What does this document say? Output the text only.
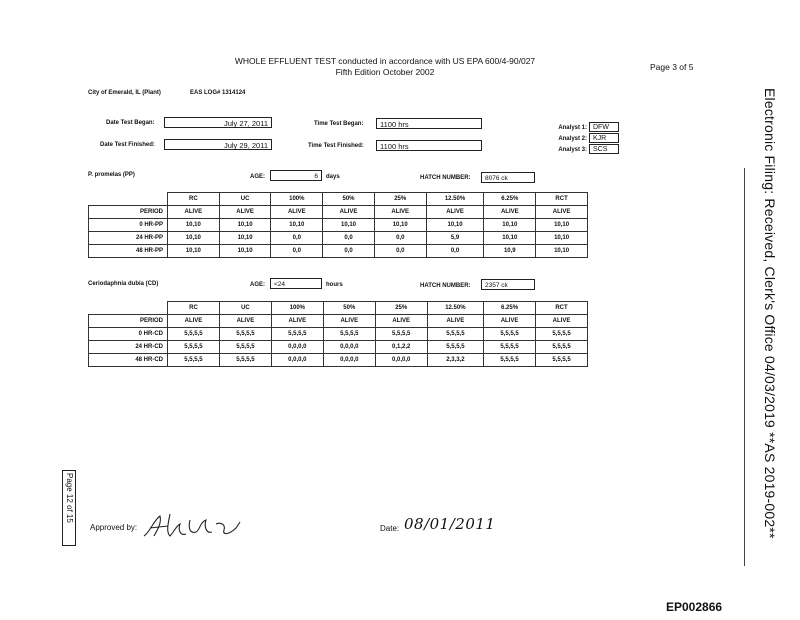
WHOLE EFFLUENT TEST conducted in accordance with US EPA 600/4-90/027
Fifth Edition October 2002	Page 3 of 5
City of Emerald, IL (Plant)	EAS LOG# 1314124
Date Test Began:	July 27, 2011
Date Test Finished:	July 29, 2011
Time Test Began:	1100 hrs
Time Test Finished:	1100 hrs
Analyst 1: DFW
Analyst 2: KJR
Analyst 3: SCS
P. promelas (PP)	AGE:	6	days	HATCH NUMBER:	8076 ck
	RC	UC	100%	50%	25%	12.50%	6.25%	RCT
PERIOD	ALIVE	ALIVE	ALIVE	ALIVE	ALIVE	ALIVE	ALIVE	ALIVE
0 HR-PP	10,10	10,10	10,10	10,10	10,10	10,10	10,10	10,10
24 HR-PP	10,10	10,10	0,0	0,0	0,0	5,9	10,10	10,10
48 HR-PP	10,10	10,10	0,0	0,0	0,0	0,0	10,9	10,10
Ceriodaphnia dubia (CD)	AGE:	<24	hours	HATCH NUMBER:	2357 ck
	RC	UC	100%	50%	25%	12.50%	6.25%	RCT
PERIOD	ALIVE	ALIVE	ALIVE	ALIVE	ALIVE	ALIVE	ALIVE	ALIVE
0 HR-CD	5,5,5,5	5,5,5,5	5,5,5,5	5,5,5,5	5,5,5,5	5,5,5,5	5,5,5,5	5,5,5,5
24 HR-CD	5,5,5,5	5,5,5,5	0,0,0,0	0,0,0,0	0,1,2,2	5,5,5,5	5,5,5,5	5,5,5,5
48 HR-CD	5,5,5,5	5,5,5,5	0,0,0,0	0,0,0,0	0,0,0,0	2,3,3,2	5,5,5,5	5,5,5,5
Page 12 of 15
Approved by:	Date: 08/01/2011	Electronic Filing: Received, Clerk's Office 04/03/2019 **AS 2019-002**
EP002866
